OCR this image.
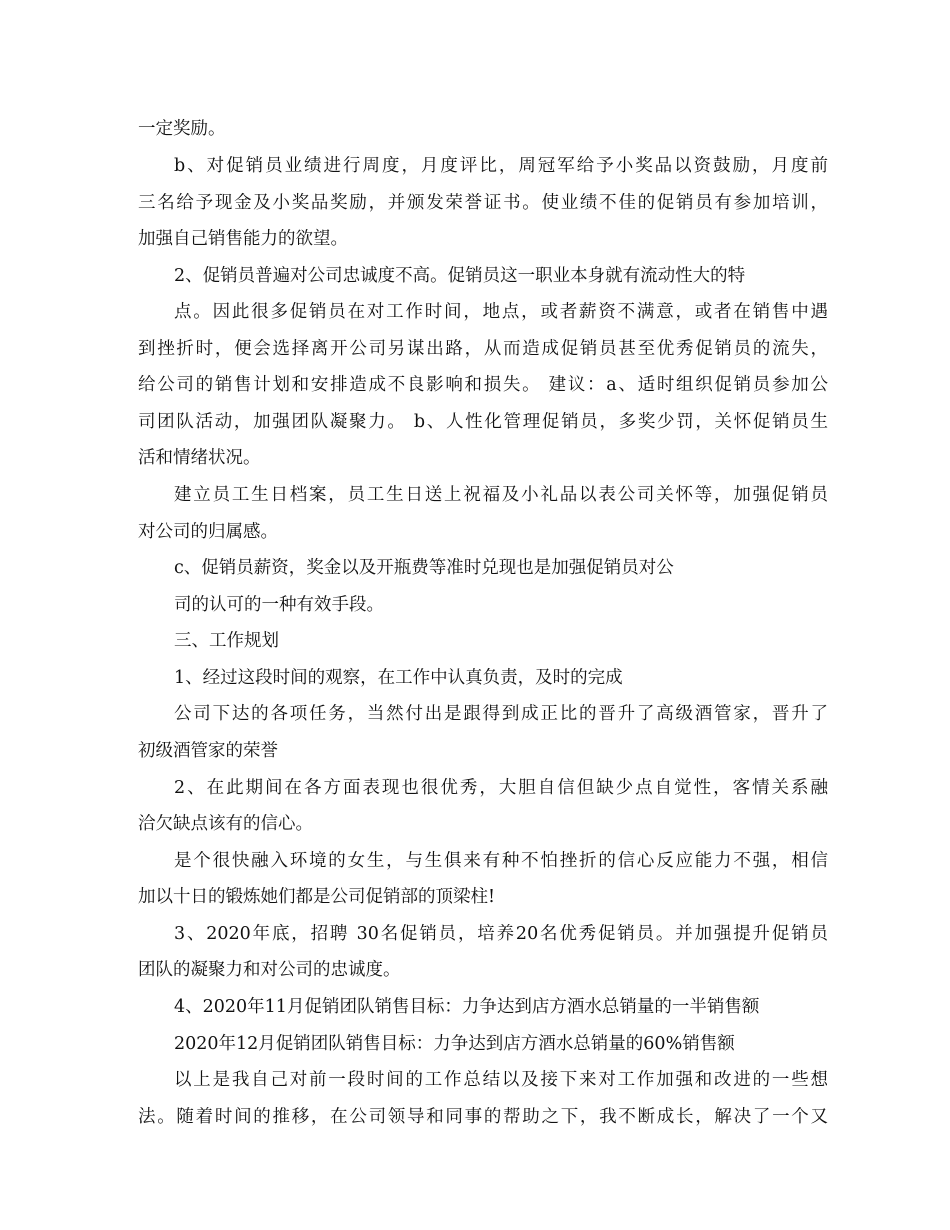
一定奖励。
b、对促销员业绩进行周度，月度评比，周冠军给予小奖品以资鼓励，月度前
三名给予现金及小奖品奖励，并颁发荣誉证书。使业绩不佳的促销员有参加培训，
加强自己销售能力的欲望。
2、促销员普遍对公司忠诚度不高。促销员这一职业本身就有流动性大的特
点。因此很多促销员在对工作时间，地点，或者薪资不满意，或者在销售中遇
到挫折时，便会选择离开公司另谋出路，从而造成促销员甚至优秀促销员的流失，
给公司的销售计划和安排造成不良影响和损失。 建议：a、适时组织促销员参加公
司团队活动，加强团队凝聚力。 b、人性化管理促销员，多奖少罚，关怀促销员生
活和情绪状况。
建立员工生日档案，员工生日送上祝福及小礼品以表公司关怀等，加强促销员
对公司的归属感。
c、促销员薪资，奖金以及开瓶费等准时兑现也是加强促销员对公
司的认可的一种有效手段。
三、工作规划
1、经过这段时间的观察，在工作中认真负责，及时的完成
公司下达的各项任务，当然付出是跟得到成正比的晋升了高级酒管家，晋升了
初级酒管家的荣誉
2、在此期间在各方面表现也很优秀，大胆自信但缺少点自觉性，客情关系融
洽欠缺点该有的信心。
是个很快融入环境的女生，与生俱来有种不怕挫折的信心反应能力不强，相信
加以十日的锻炼她们都是公司促销部的顶梁柱!
3、2020年底，招聘 30名促销员，培养20名优秀促销员。并加强提升促销员
团队的凝聚力和对公司的忠诚度。
4、2020年11月促销团队销售目标：力争达到店方酒水总销量的一半销售额
2020年12月促销团队销售目标：力争达到店方酒水总销量的60%销售额
以上是我自己对前一段时间的工作总结以及接下来对工作加强和改进的一些想
法。随着时间的推移，在公司领导和同事的帮助之下，我不断成长，解决了一个又
